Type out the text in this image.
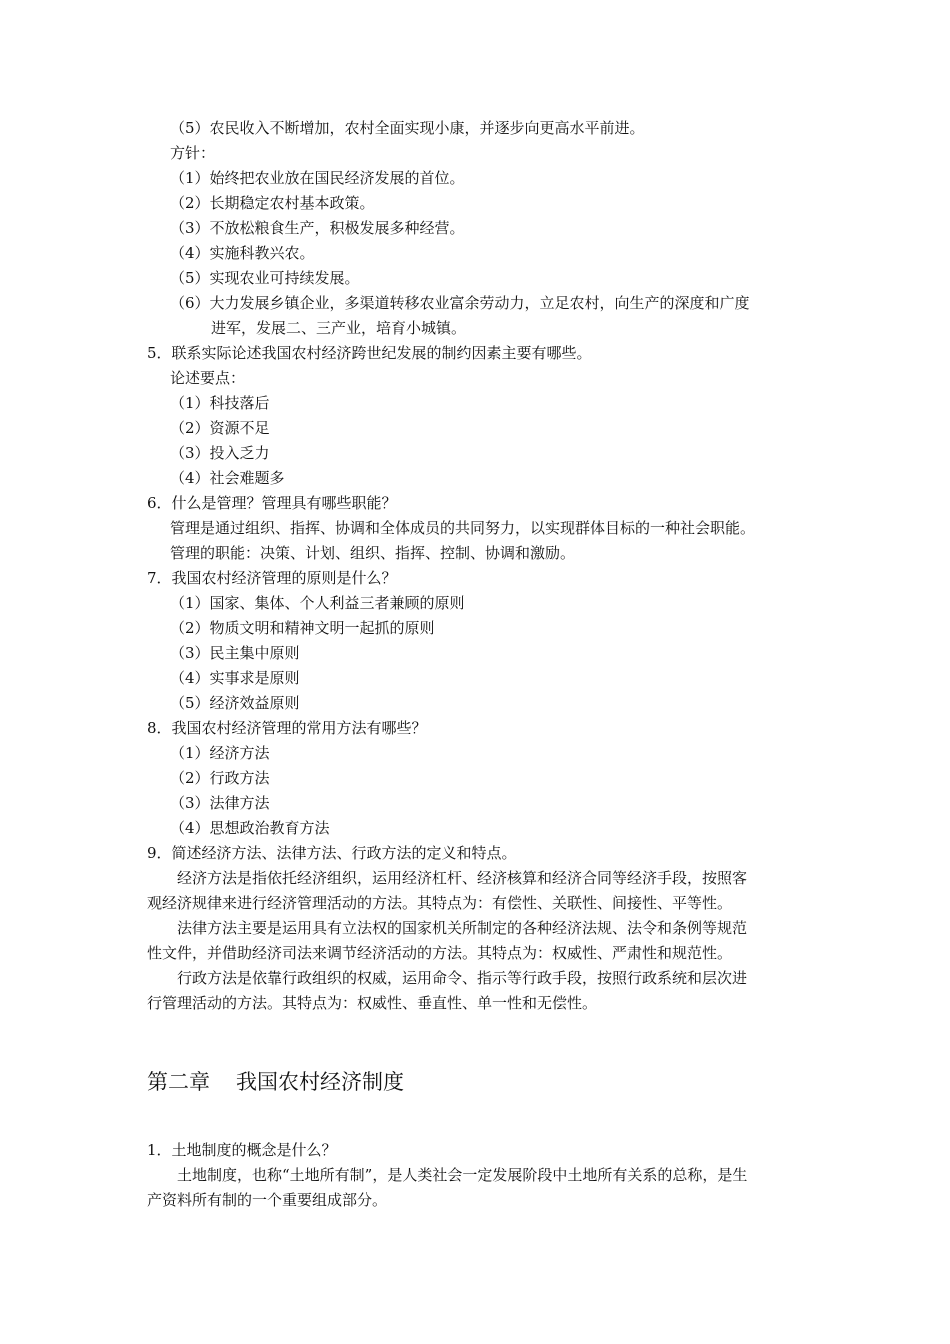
（5）农民收入不断增加，农村全面实现小康，并逐步向更高水平前进。
方针：
（1）始终把农业放在国民经济发展的首位。
（2）长期稳定农村基本政策。
（3）不放松粮食生产，积极发展多种经营。
（4）实施科教兴农。
（5）实现农业可持续发展。
（6）大力发展乡镇企业，多渠道转移农业富余劳动力，立足农村，向生产的深度和广度
进军，发展二、三产业，培育小城镇。
5．联系实际论述我国农村经济跨世纪发展的制约因素主要有哪些。
论述要点：
（1）科技落后
（2）资源不足
（3）投入乏力
（4）社会难题多
6．什么是管理？管理具有哪些职能？
管理是通过组织、指挥、协调和全体成员的共同努力，以实现群体目标的一种社会职能。
管理的职能：决策、计划、组织、指挥、控制、协调和激励。
7．我国农村经济管理的原则是什么？
（1）国家、集体、个人利益三者兼顾的原则
（2）物质文明和精神文明一起抓的原则
（3）民主集中原则
（4）实事求是原则
（5）经济效益原则
8．我国农村经济管理的常用方法有哪些？
（1）经济方法
（2）行政方法
（3）法律方法
（4）思想政治教育方法
9．简述经济方法、法律方法、行政方法的定义和特点。
经济方法是指依托经济组织，运用经济杠杆、经济核算和经济合同等经济手段，按照客
观经济规律来进行经济管理活动的方法。其特点为：有偿性、关联性、间接性、平等性。
法律方法主要是运用具有立法权的国家机关所制定的各种经济法规、法令和条例等规范
性文件，并借助经济司法来调节经济活动的方法。其特点为：权威性、严肃性和规范性。
行政方法是依靠行政组织的权威，运用命令、指示等行政手段，按照行政系统和层次进
行管理活动的方法。其特点为：权威性、垂直性、单一性和无偿性。
第二章 我国农村经济制度
1．土地制度的概念是什么？
土地制度，也称“土地所有制”，是人类社会一定发展阶段中土地所有关系的总称，是生
产资料所有制的一个重要组成部分。
